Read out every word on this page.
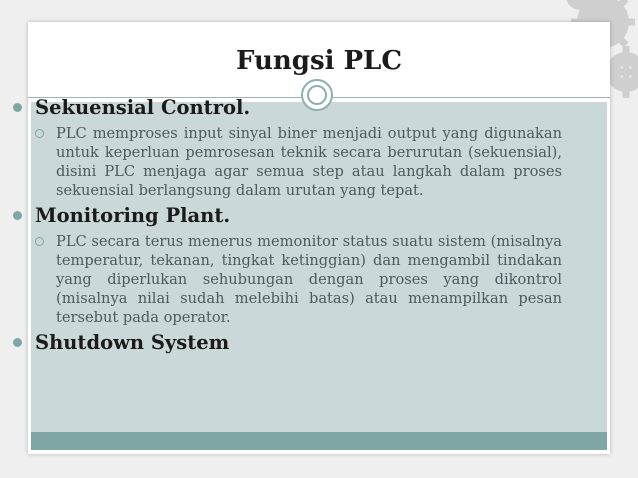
Fungsi PLC
Sekuensial Control.
PLC memproses input sinyal biner menjadi output yang digunakan untuk keperluan pemrosesan teknik secara berurutan (sekuensial), disini PLC menjaga agar semua step atau langkah dalam proses sekuensial berlangsung dalam urutan yang tepat.
Monitoring Plant.
PLC secara terus menerus memonitor status suatu sistem (misalnya temperatur, tekanan, tingkat ketinggian) dan mengambil tindakan yang diperlukan sehubungan dengan proses yang dikontrol (misalnya nilai sudah melebihi batas) atau menampilkan pesan tersebut pada operator.
Shutdown System
